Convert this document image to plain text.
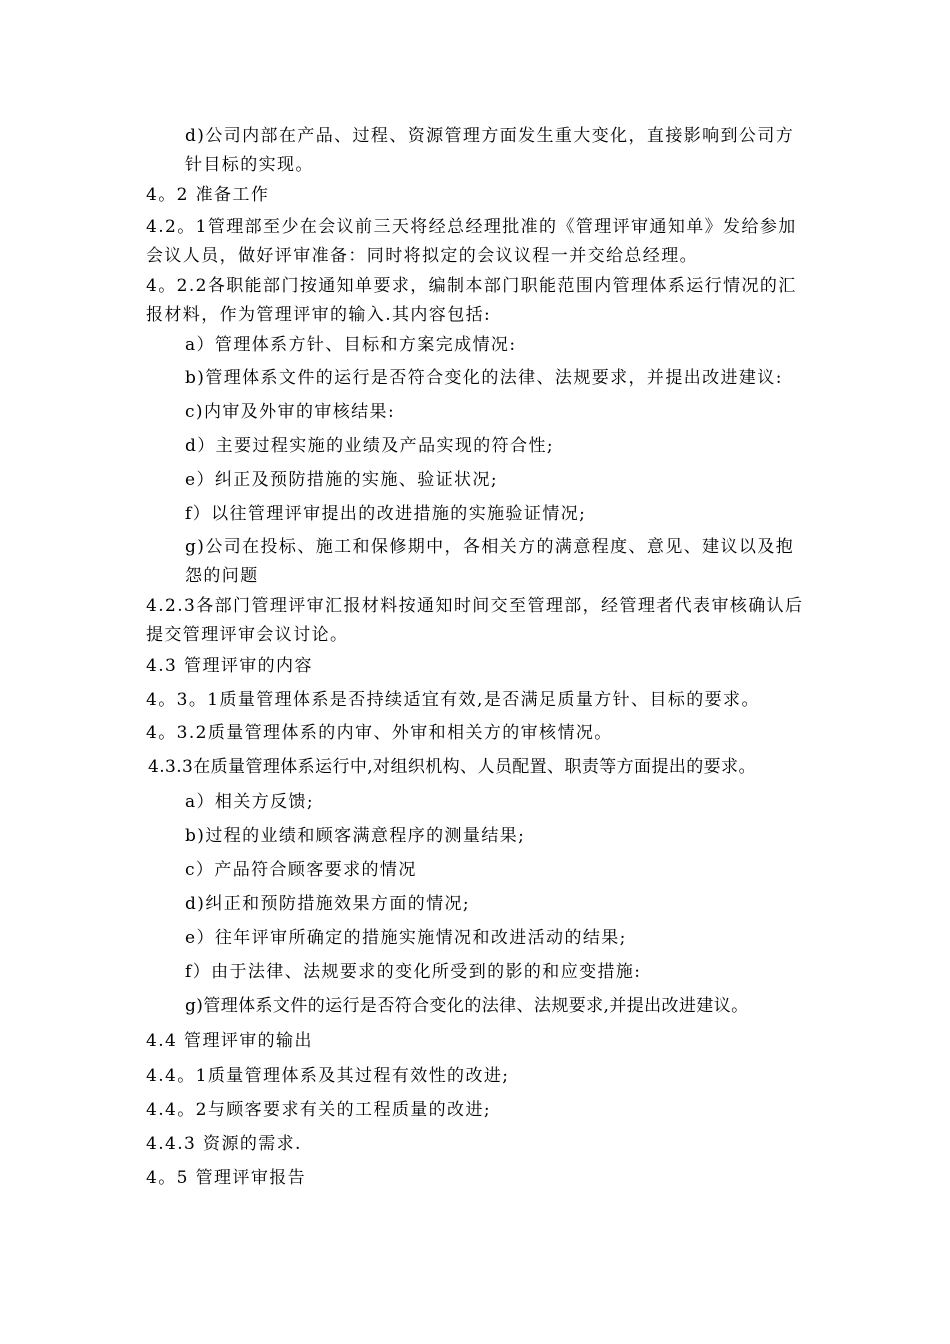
d)公司内部在产品、过程、资源管理方面发生重大变化，直接影响到公司方针目标的实现。
4。2 准备工作
4.2。1管理部至少在会议前三天将经总经理批准的《管理评审通知单》发给参加会议人员，做好评审准备：同时将拟定的会议议程一并交给总经理。
4。2.2各职能部门按通知单要求，编制本部门职能范围内管理体系运行情况的汇报材料，作为管理评审的输入.其内容包括:
a）管理体系方针、目标和方案完成情况:
b)管理体系文件的运行是否符合变化的法律、法规要求，并提出改进建议:
c)内审及外审的审核结果:
d）主要过程实施的业绩及产品实现的符合性;
e）纠正及预防措施的实施、验证状况;
f）以往管理评审提出的改进措施的实施验证情况;
g)公司在投标、施工和保修期中，各相关方的满意程度、意见、建议以及抱怨的问题
4.2.3各部门管理评审汇报材料按通知时间交至管理部，经管理者代表审核确认后提交管理评审会议讨论。
4.3 管理评审的内容
4。3。1质量管理体系是否持续适宜有效,是否满足质量方针、目标的要求。
4。3.2质量管理体系的内审、外审和相关方的审核情况。
4.3.3在质量管理体系运行中,对组织机构、人员配置、职责等方面提出的要求。
a）相关方反馈;
b)过程的业绩和顾客满意程序的测量结果;
c）产品符合顾客要求的情况
d)纠正和预防措施效果方面的情况;
e）往年评审所确定的措施实施情况和改进活动的结果;
f）由于法律、法规要求的变化所受到的影的和应变措施:
g)管理体系文件的运行是否符合变化的法律、法规要求,并提出改进建议。
4.4 管理评审的输出
4.4。1质量管理体系及其过程有效性的改进;
4.4。2与顾客要求有关的工程质量的改进;
4.4.3 资源的需求.
4。5 管理评审报告
